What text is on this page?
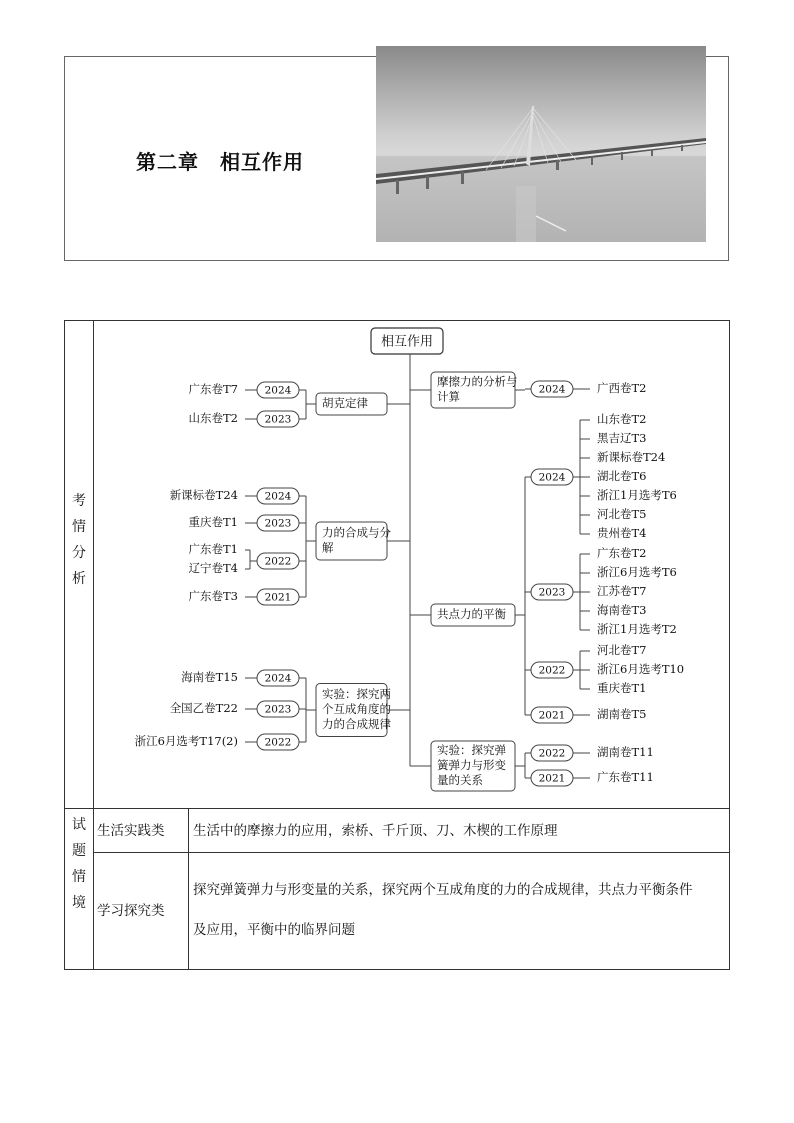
第二章　相互作用
考
情
分
析
试
题
情
境
生活实践类 生活中的摩擦力的应用，索桥、千斤顶、刀、木楔的工作原理
学习探究类
探究弹簧弹力与形变量的关系，探究两个互成角度的力的合成规律，共点力平衡条件
及应用，平衡中的临界问题
相互作用
胡克定律
2024
广东卷T7
2023
山东卷T2
力的合成与分
解
2024
新课标卷T24
2023
重庆卷T1
2022
广东卷T1
辽宁卷T4
2021
广东卷T3
实验：探究两
个互成角度的
力的合成规律
2024
海南卷T15
2023
全国乙卷T22
2022
浙江6月选考T17(2)
摩擦力的分析与
计算	2024	广西卷T2
共点力的平衡
2024
山东卷T2
黑吉辽T3
新课标卷T24
湖北卷T6
浙江1月选考T6
河北卷T5
贵州卷T4
2023
广东卷T2
浙江6月选考T6
江苏卷T7
海南卷T3
浙江1月选考T2
2022
河北卷T7
浙江6月选考T10
重庆卷T1
2021	湖南卷T5
实验：探究弹
簧弹力与形变
量的关系
2022	湖南卷T11
2021	广东卷T11
